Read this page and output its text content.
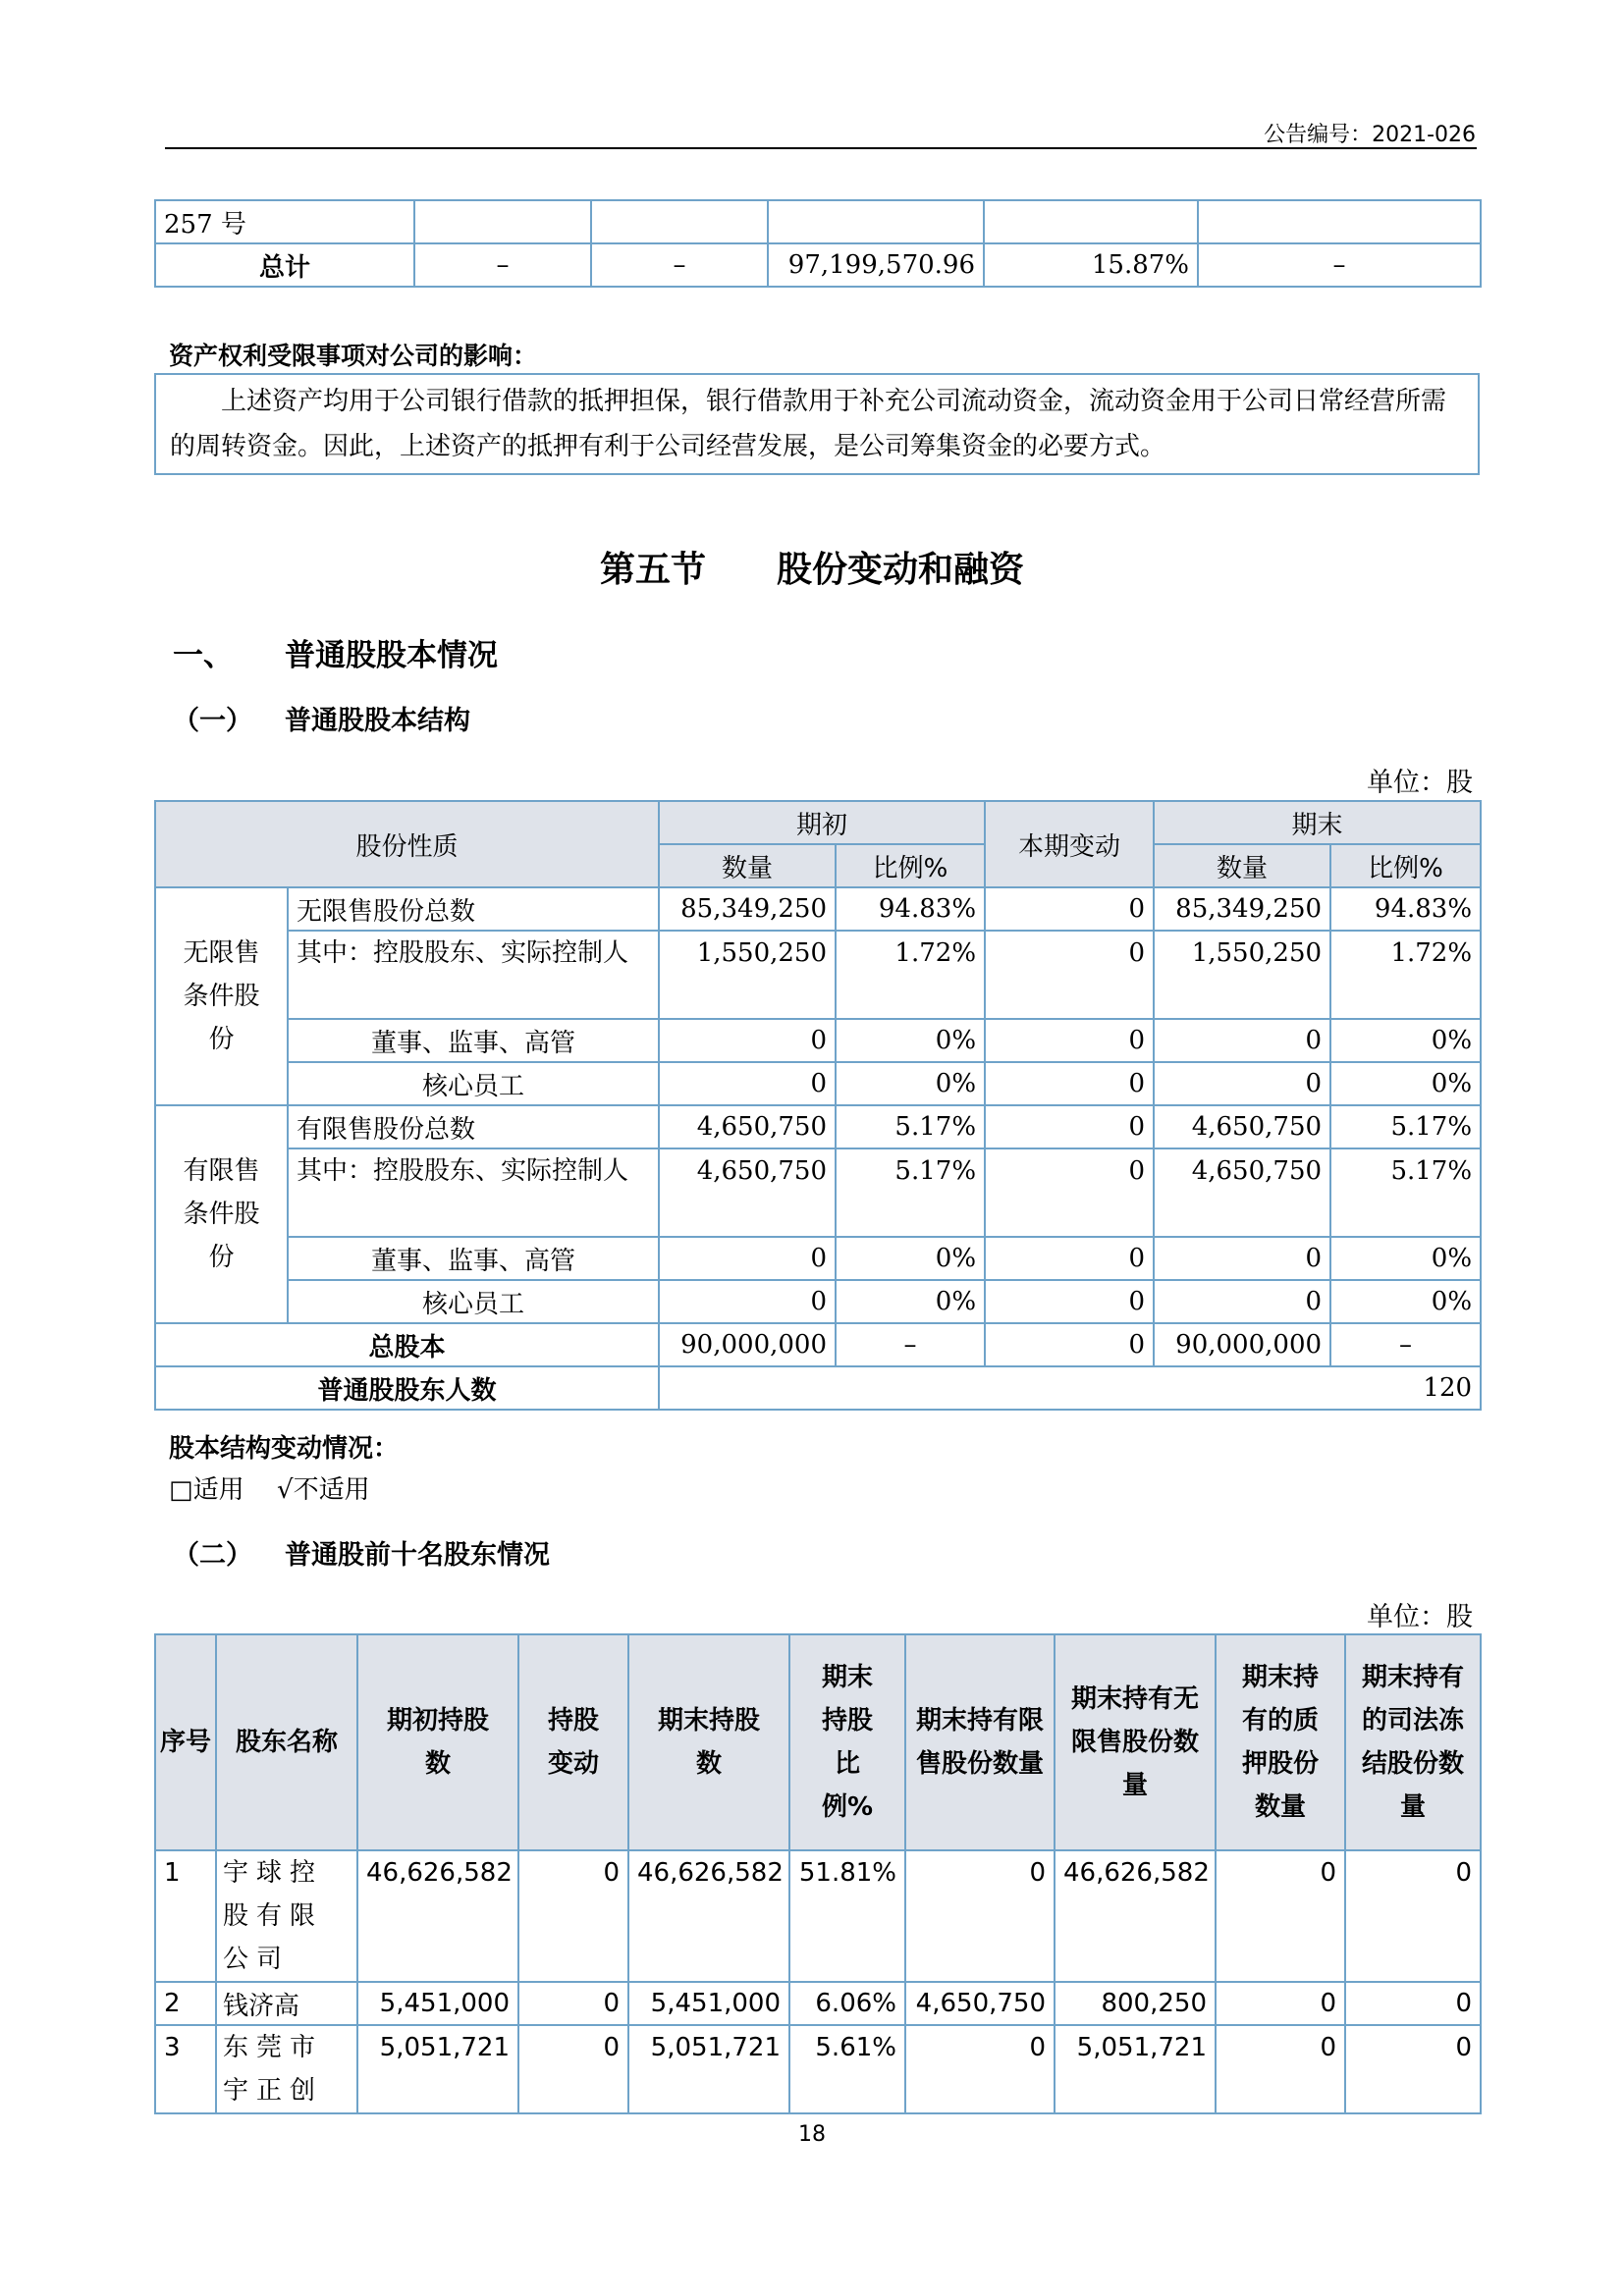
公告编号：2021-026
257 号					
总计	–	–	97,199,570.96	15.87%	–
资产权利受限事项对公司的影响：
上述资产均用于公司银行借款的抵押担保，银行借款用于补充公司流动资金，流动资金用于公司日常经营所需的周转资金。因此，上述资产的抵押有利于公司经营发展，是公司筹集资金的必要方式。
第五节　　股份变动和融资
一、 普通股股本情况
（一） 普通股股本结构
单位：股
股份性质		期初		本期变动	期末	
		数量	比例%		数量	比例%
无限售条件股份	无限售股份总数	85,349,250	94.83%	0	85,349,250	94.83%
	其中：控股股东、实际控制人	1,550,250	1.72%	0	1,550,250	1.72%
	董事、监事、高管	0	0%	0	0	0%
	核心员工	0	0%	0	0	0%
有限售条件股份	有限售股份总数	4,650,750	5.17%	0	4,650,750	5.17%
	其中：控股股东、实际控制人	4,650,750	5.17%	0	4,650,750	5.17%
	董事、监事、高管	0	0%	0	0	0%
	核心员工	0	0%	0	0	0%
总股本		90,000,000	–	0	90,000,000	–
普通股股东人数		120				
股本结构变动情况：
□适用 √不适用
（二） 普通股前十名股东情况
单位：股
序号	股东名称	期初持股数	持股变动	期末持股数	期末持股比例%	期末持有限售股份数量	期末持有无限售股份数量	期末持有的质押股份数量	期末持有的司法冻结股份数量
1	宇球控股有限公司	46,626,582	0	46,626,582	51.81%	0	46,626,582	0	0
2	钱济高	5,451,000	0	5,451,000	6.06%	4,650,750	800,250	0	0
3	东莞市宇正创	5,051,721	0	5,051,721	5.61%	0	5,051,721	0	0
18
